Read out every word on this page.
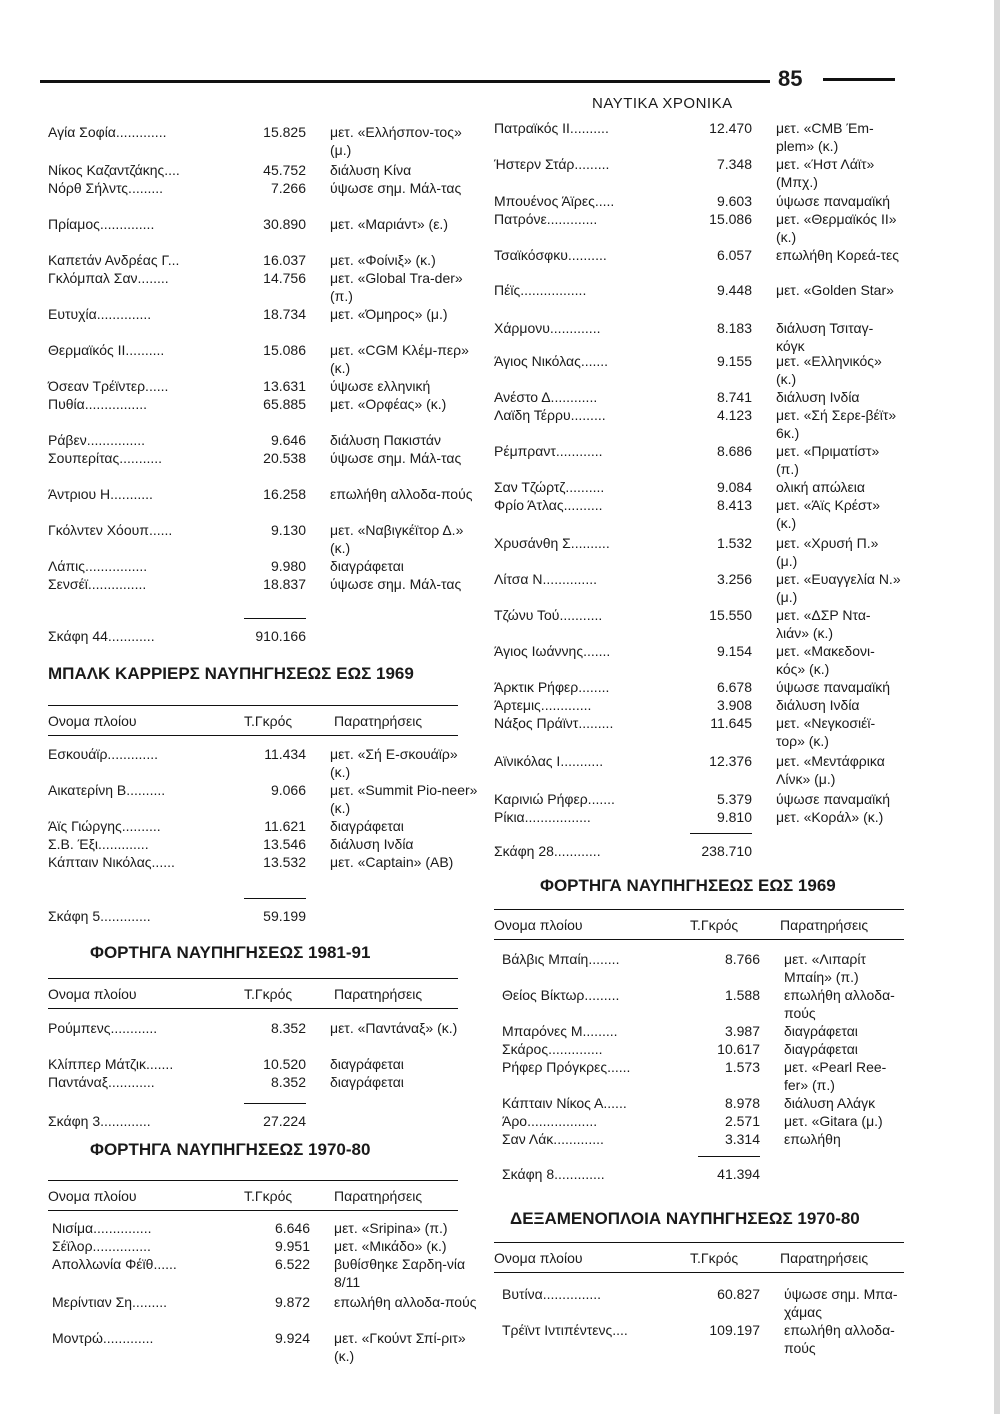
85
ΝΑΥΤΙΚΑ ΧΡΟΝΙΚΑ
Αγία Σοφία.............	15.825 μετ. «Ελλήσπον-τος» (μ.)
Νίκος Καζαντζάκης....	45.752 διάλυση Κίνα
Νόρθ Σήλντς.........	7.266 ύψωσε σημ. Μάλ-τας
Πρίαμος..............	30.890 μετ. «Μαριάντ» (ε.)
Καπετάν Ανδρέας Γ...	16.037 μετ. «Φοίνιξ» (κ.)
Γκλόμπαλ Σαν........	14.756 μετ. «Global Tra-der» (π.)
Ευτυχία..............	18.734 μετ. «Όμηρος» (μ.)
Θερμαϊκός ΙΙ..........	15.086 μετ. «CGM Κλέμ-περ» (κ.)
Όσεαν Τρέϊντερ......	13.631 ύψωσε ελληνική
Πυθία................	65.885 μετ. «Ορφέας» (κ.)
Ράβεν...............	9.646 διάλυση Πακιστάν
Σουπερίτας...........	20.538 ύψωσε σημ. Μάλ-τας
Άντριου Η...........	16.258 επωλήθη αλλοδα-πούς
Γκόλντεν Χόουπ......	9.130 μετ. «Ναβιγκέϊτορ Δ.» (κ.)
Λάπις................	9.980 διαγράφεται
Σενσέϊ...............	18.837 ύψωσε σημ. Μάλ-τας
Σκάφη 44............	910.166
ΜΠΑΛΚ ΚΑΡΡΙΕΡΣ ΝΑΥΠΗΓΗΣΕΩΣ ΕΩΣ 1969
Ονομα πλοίου	Τ.Γκρός	Παρατηρήσεις
Εσκουάϊρ.............	11.434 μετ. «Σή Ε-σκουάϊρ» (κ.)
Αικατερίνη Β..........	9.066 μετ. «Summit Pio-neer» (κ.)
Άϊς Γιώργης..........	11.621 διαγράφεται
Σ.Β. Έξι.............	13.546 διάλυση Ινδία
Κάπταιν Νικόλας......	13.532 μετ. «Captain» (ΑΒ)
Σκάφη 5.............	59.199
ΦΟΡΤΗΓΑ ΝΑΥΠΗΓΗΣΕΩΣ 1981-91
Ονομα πλοίου	Τ.Γκρός	Παρατηρήσεις
Ρούμπενς............	8.352 μετ. «Παντάναξ» (κ.)
Κλίππερ Μάτζικ.......	10.520 διαγράφεται
Παντάναξ............	8.352 διαγράφεται
Σκάφη 3.............	27.224
ΦΟΡΤΗΓΑ ΝΑΥΠΗΓΗΣΕΩΣ 1970-80
Ονομα πλοίου	Τ.Γκρός	Παρατηρήσεις
Νισίμα...............	6.646 μετ. «Sripina» (π.)
Σέϊλορ...............	9.951 μετ. «Μικάδο» (κ.)
Απολλωνία Φέϊθ......	6.522 βυθίσθηκε Σαρδη-νία 8/11
Μερίντιαν Ση.........	9.872 επωλήθη αλλοδα-πούς
Μοντρώ.............	9.924 μετ. «Γκούντ Σπί-ριτ» (κ.)
Πατραϊκός ΙΙ..........	12.470 μετ. «CMB Έm-plem» (κ.)
Ήστερν Στάρ.........	7.348 μετ. «Ήστ Λάϊτ» (Μπχ.)
Μπουένος Άϊρες.....	9.603 ύψωσε παναμαϊκή
Πατρόνε.............	15.086 μετ. «Θερμαϊκός ΙΙ» (κ.)
Τσαϊκόσφκυ..........	6.057 επωλήθη Κορεά-τες
Πέϊς.................	9.448 μετ. «Golden Star»
Χάρμονυ.............	8.183 διάλυση Τσιταγ-κόγκ
Άγιος Νικόλας.......	9.155 μετ. «Ελληνικός» (κ.)
Ανέστο Δ............	8.741 διάλυση Ινδία
Λαϊδη Τέρρυ.........	4.123 μετ. «Σή Σερε-βέϊτ» 6κ.)
Ρέμπραντ............	8.686 μετ. «Πριματίστ» (π.)
Σαν Τζώρτζ..........	9.084 ολική απώλεια
Φρίο Άτλας..........	8.413 μετ. «Άϊς Κρέστ» (κ.)
Χρυσάνθη Σ..........	1.532 μετ. «Χρυσή Π.» (μ.)
Λίτσα Ν..............	3.256 μετ. «Ευαγγελία Ν.» (μ.)
Τζώνυ Τού...........	15.550 μετ. «ΔΣΡ Ντα-λιάν» (κ.)
Άγιος Ιωάννης.......	9.154 μετ. «Μακεδονι-κός» (κ.)
Άρκτικ Ρήφερ........	6.678 ύψωσε παναμαϊκή
Άρτεμις.............	3.908 διάλυση Ινδία
Νάξος Πράϊντ.........	11.645 μετ. «Νεγκοσιέϊ-τορ» (κ.)
Αϊνικόλας Ι...........	12.376 μετ. «Μεντάφρικα Λίνκ» (μ.)
Καρινιώ Ρήφερ.......	5.379 ύψωσε παναμαϊκή
Ρίκια.................	9.810 μετ. «Κοράλ» (κ.)
Σκάφη 28............	238.710
ΦΟΡΤΗΓΑ ΝΑΥΠΗΓΗΣΕΩΣ ΕΩΣ 1969
Ονομα πλοίου	Τ.Γκρός	Παρατηρήσεις
Βάλβις Μπαίη........	8.766 μετ. «Λιπαρίτ Μπαίη» (π.)
Θείος Βίκτωρ.........	1.588 επωλήθη αλλοδα-πούς
Μπαρόνες Μ.........	3.987 διαγράφεται
Σκάρος..............	10.617 διαγράφεται
Ρήφερ Πρόγκρες......	1.573 μετ. «Pearl Ree-fer» (π.)
Κάπταιν Νίκος Α......	8.978 διάλυση Αλάγκ
Άρο..................	2.571 μετ. «Gitara (μ.)
Σαν Λάκ.............	3.314 επωλήθη
Σκάφη 8.............	41.394
ΔΕΞΑΜΕΝΟΠΛΟΙΑ ΝΑΥΠΗΓΗΣΕΩΣ 1970-80
Ονομα πλοίου	Τ.Γκρός	Παρατηρήσεις
Βυτίνα...............	60.827 ύψωσε σημ. Μπα-χάμας
Τρέϊντ Ιντιπέντενς....	109.197 επωλήθη αλλοδα-πούς
